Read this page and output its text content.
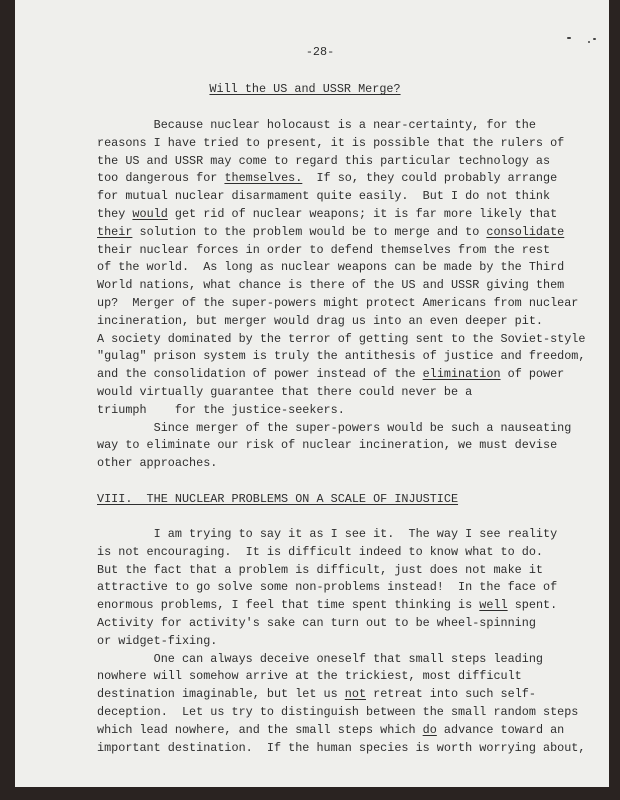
-28-
Will the US and USSR Merge?
Because nuclear holocaust is a near-certainty, for the
reasons I have tried to present, it is possible that the rulers of
the US and USSR may come to regard this particular technology as
too dangerous for themselves.  If so, they could probably arrange
for mutual nuclear disarmament quite easily.  But I do not think
they would get rid of nuclear weapons; it is far more likely that
their solution to the problem would be to merge and to consolidate
their nuclear forces in order to defend themselves from the rest
of the world.  As long as nuclear weapons can be made by the Third
World nations, what chance is there of the US and USSR giving them
up?  Merger of the super-powers might protect Americans from nuclear
incineration, but merger would drag us into an even deeper pit.
A society dominated by the terror of getting sent to the Soviet-style
"gulag" prison system is truly the antithesis of justice and freedom,
and the consolidation of power instead of the elimination of power
would virtually guarantee that there could never be a
triumph    for the justice-seekers.
Since merger of the super-powers would be such a nauseating
way to eliminate our risk of nuclear incineration, we must devise
other approaches.
VIII.  THE NUCLEAR PROBLEMS ON A SCALE OF INJUSTICE
I am trying to say it as I see it.  The way I see reality
is not encouraging.  It is difficult indeed to know what to do.
But the fact that a problem is difficult, just does not make it
attractive to go solve some non-problems instead!  In the face of
enormous problems, I feel that time spent thinking is well spent.
Activity for activity's sake can turn out to be wheel-spinning
or widget-fixing.
One can always deceive oneself that small steps leading
nowhere will somehow arrive at the trickiest, most difficult
destination imaginable, but let us not retreat into such self-
deception.  Let us try to distinguish between the small random steps
which lead nowhere, and the small steps which do advance toward an
important destination.  If the human species is worth worrying about,
